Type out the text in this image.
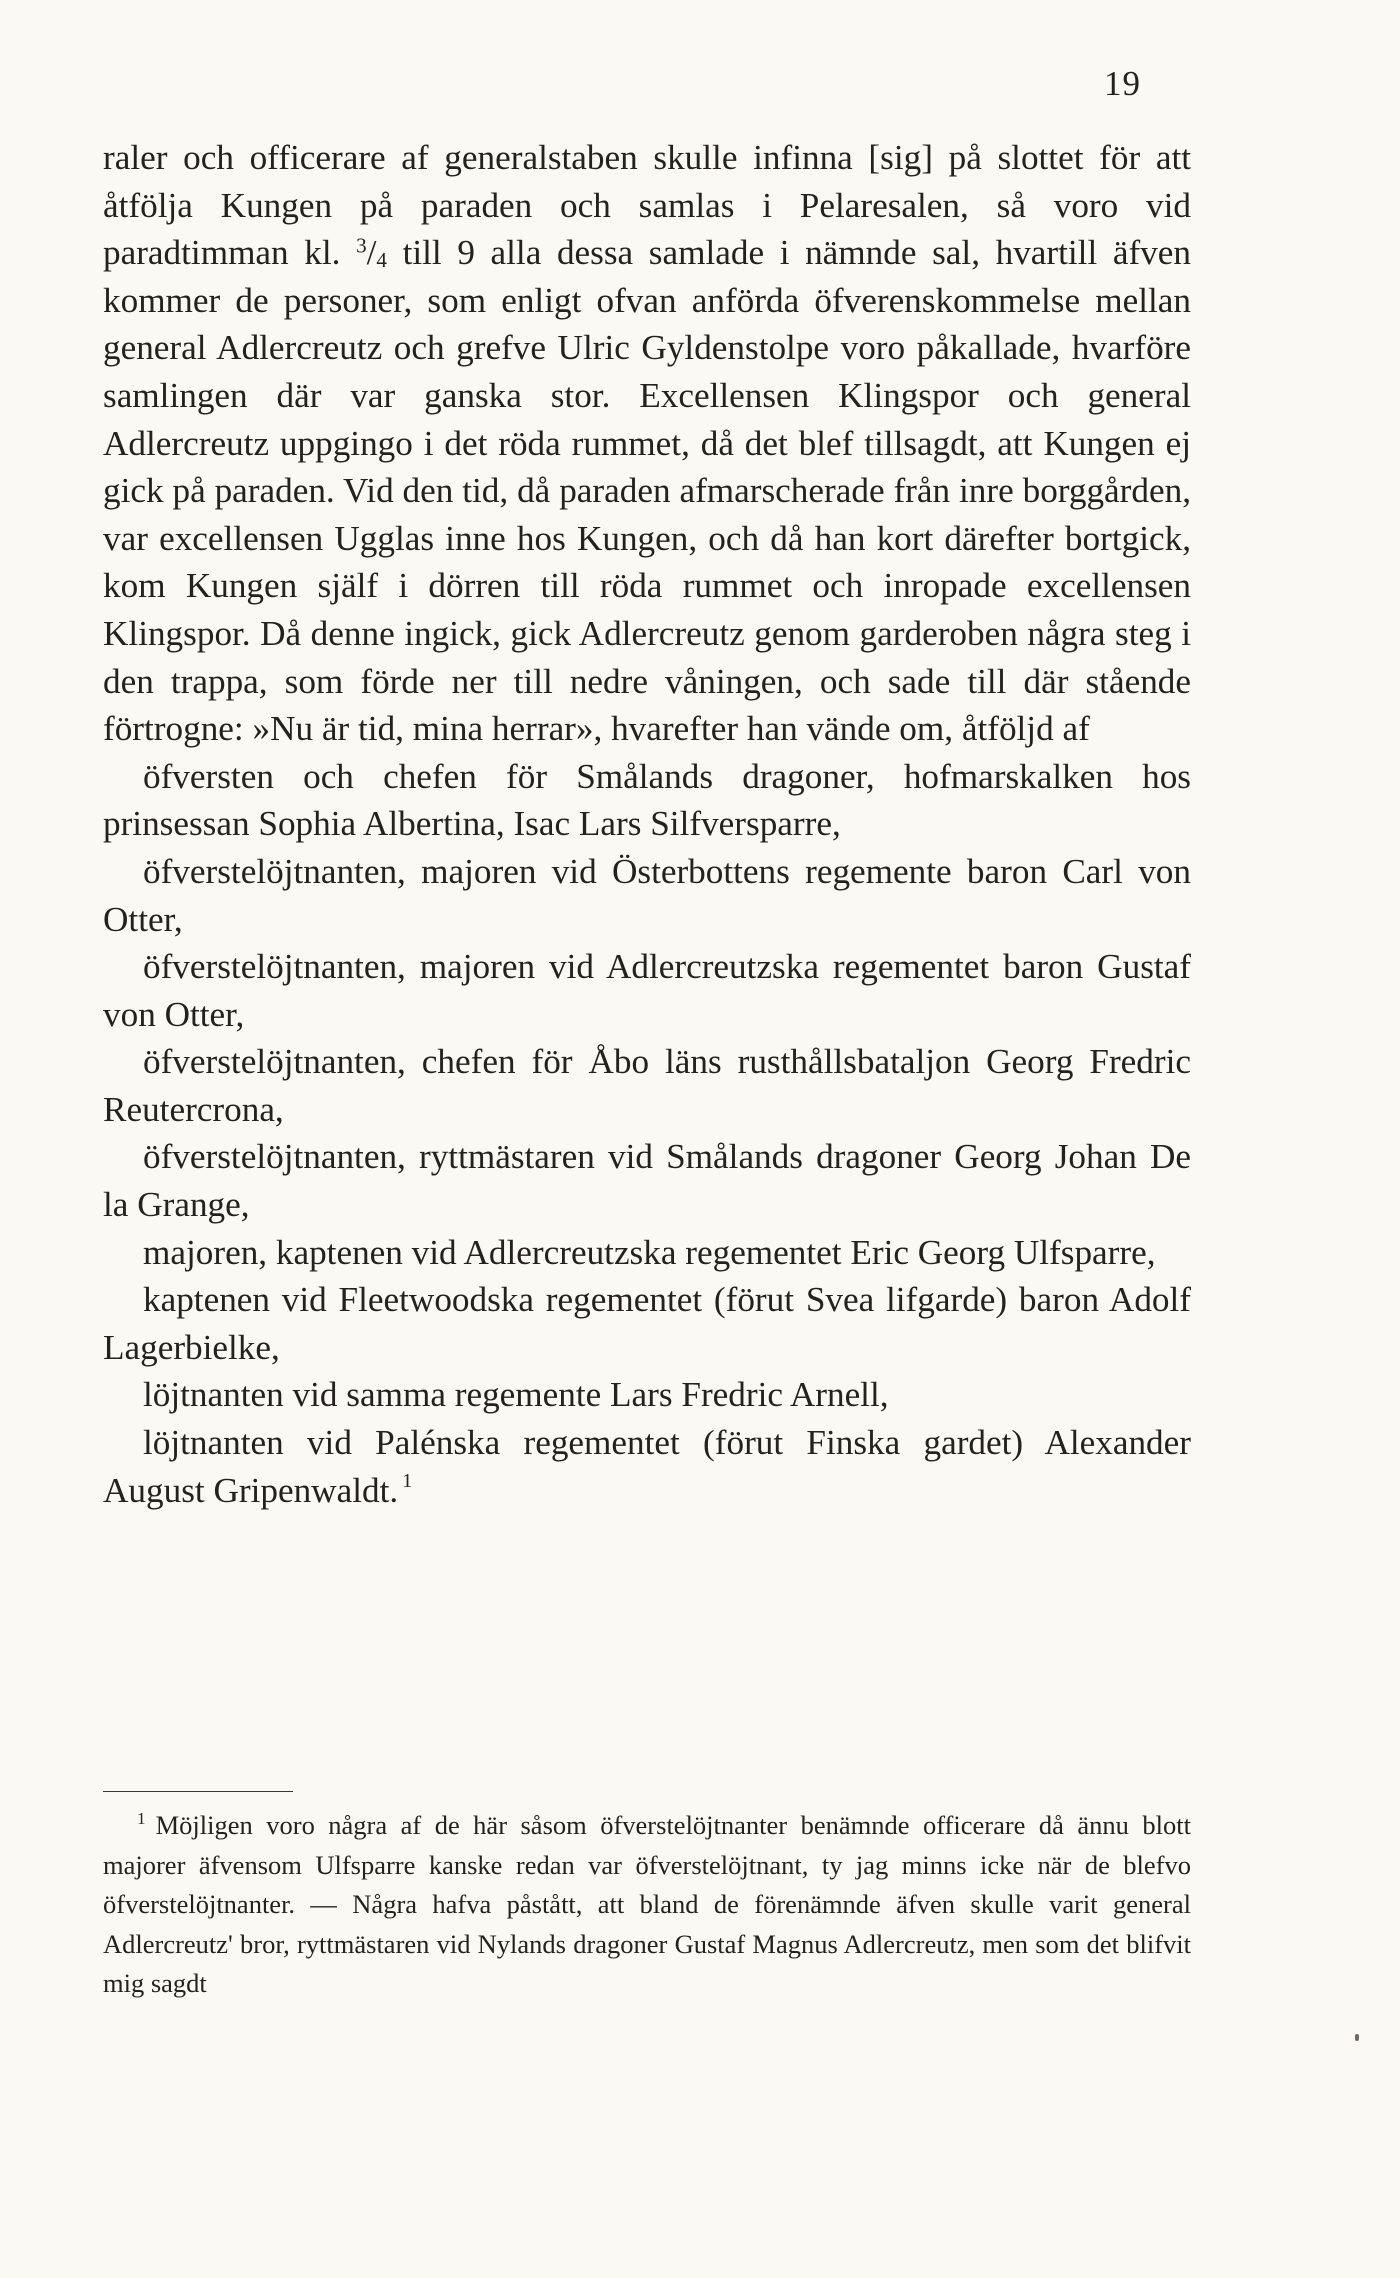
19

raler och officerare af generalstaben skulle infinna [sig] på slottet för att åtfölja Kungen på paraden och samlas i Pelaresalen, så voro vid paradtimman kl. $^3$/4 till 9 alla dessa samlade i nämnde sal, hvartill äfven kommer de personer, som enligt ofvan anförda öfverenskommelse mellan general Adlercreutz och grefve Ulric Gyldenstolpe voro påkallade, hvarföre samlingen där var ganska stor. Excellensen Klingspor och general Adlercreutz uppgingo i det röda rummet, då det blef tillsagdt, att Kungen ej gick på paraden. Vid den tid, då paraden afmarscherade från inre borggården, var excellensen Ugglas inne hos Kungen, och då han kort därefter bortgick, kom Kungen själf i dörren till röda rummet och inropade excellensen Klingspor. Då denne ingick, gick Adlercreutz genom garderoben några steg i den trappa, som förde ner till nedre våningen, och sade till där stående förtrogne: »Nu är tid, mina herrar», hvarefter han vände om, åtföljd af

öfversten och chefen för Smålands dragoner, hofmarskalken hos prinsessan Sophia Albertina, Isac Lars Silfversparre,

öfverstelöjtnanten, majoren vid Österbottens regemente baron Carl von Otter,

öfverstelöjtnanten, majoren vid Adlercreutzska regementet baron Gustaf von Otter,

öfverstelöjtnanten, chefen för Åbo läns rusthållsbataljon Georg Fredric Reutercrona,

öfverstelöjtnanten, ryttmästaren vid Smålands dragoner Georg Johan De la Grange,

majoren, kaptenen vid Adlercreutzska regementet Eric Georg Ulfsparre,

kaptenen vid Fleetwoodska regementet (förut Svea lifgarde) baron Adolf Lagerbielke,

löjtnanten vid samma regemente Lars Fredric Arnell,

löjtnanten vid Palénska regementet (förut Finska gardet) Alexander August Gripenwaldt. $^1$

$^1$ Möjligen voro några af de här såsom öfverstelöjtnanter benämnde officerare då ännu blott majorer äfvensom Ulfsparre kanske redan var öfverstelöjtnant, ty jag minns icke när de blefvo öfverstelöjtnanter. — Några hafva påstått, att bland de förenämnde äfven skulle varit general Adlercreutz' bror, ryttmästaren vid Nylands dragoner Gustaf Magnus Adlercreutz, men som det blifvit mig sagdt
